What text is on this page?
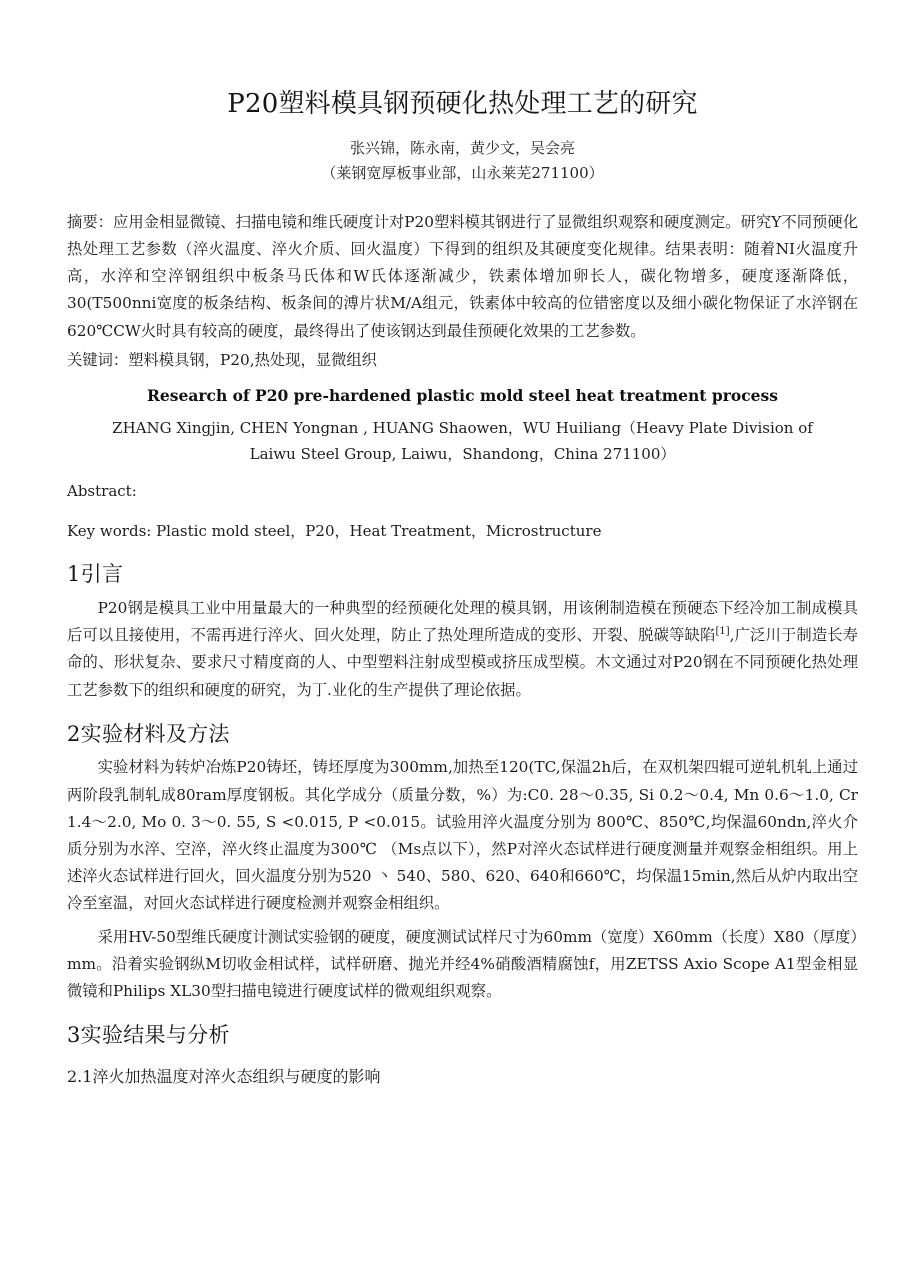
P20塑料模具钢预硬化热处理工艺的研究
张兴锦，陈永南，黄少文，吴会亮
（莱钢宽厚板事业部，山永莱芜271100）

摘要：应用金相显微镜、扫描电镜和维氏硬度计对P20塑料模其钢进行了显微组织观察和硬度测定。研究Y不同预硬化热处理工艺参数（淬火温度、淬火介质、回火温度）下得到的组织及其硬度变化规律。结果表明：随着NI火温度升高，水淬和空淬钢组织中板条马氏体和W氏体逐渐减少，铁素体增加卵长人，碳化物增多，硬度逐渐降低，30(T500nni宽度的板条结构、板条间的溥片状M/A组元，铁素体中较高的位错密度以及细小碳化物保证了水淬钢在620℃CW火时具有较高的硬度，最终得出了使该钢达到最佳预硬化效果的工艺参数。

关键词：塑料模具钢，P20,热处现，显微组织
Research of P20 pre-hardened plastic mold steel heat treatment process
ZHANG Xingjin, CHEN Yongnan , HUANG Shaowen，WU Huiliang（Heavy Plate Division of Laiwu Steel Group, Laiwu，Shandong，China 271100）
Abstract:
Key words: Plastic mold steel，P20，Heat Treatment，Microstructure
1引言

P20钢是模具工业中用量最大的一种典型的经预硬化处理的模具钢，用该俐制造模在预硬态下经冷加工制成模具后可以且接使用，不需再进行淬火、回火处理，防止了热处理所造成的变形、开裂、脱碳等缺陷[1],广泛川于制造长寿命的、形状复杂、要求尺寸精度商的人、中型塑料注射成型模或挤压成型模。木文通过对P20钢在不同预硬化热处理工艺参数下的组织和硬度的研究，为丁.业化的生产提供了理论依据。

2实验材料及方法

实验材料为转炉冶炼P20铸坯，铸坯厚度为300mm,加热至120(TC,保温2h后，在双机架四辊可逆轧机轧上通过两阶段乳制轧成80ram厚度钢板。其化学成分（质量分数，%）为:C0. 28～0.35, Si 0.2～0.4, Mn 0.6～1.0, Cr 1.4～2.0, Mo 0. 3～0. 55, S <0.015, P <0.015。试验用淬火温度分别为 800℃、850℃,均保温60ndn,淬火介质分别为水淬、空淬，淬火终止温度为300℃ （Ms点以下），然P对淬火态试样进行硬度测量并观察金相组织。用上述淬火态试样进行回火，回火温度分别为520 丶 540、580、620、640和660℃，均保温15min,然后从炉内取出空冷至室温，对回火态试样进行硬度检测并观察金相组织。

采用HV-50型维氏硬度计测试实验钢的硬度，硬度测试试样尺寸为60mm（宽度）X60mm（长度）X80（厚度）mm。沿着实验钢纵M切收金相试样，试样研磨、抛光并经4%硝酸酒精腐蚀f，用ZETSS Axio Scope A1型金相显微镜和Philips XL30型扫描电镜进行硬度试样的微观组织观察。

3实验结果与分析
2.1淬火加热温度对淬火态组织与硬度的影响
